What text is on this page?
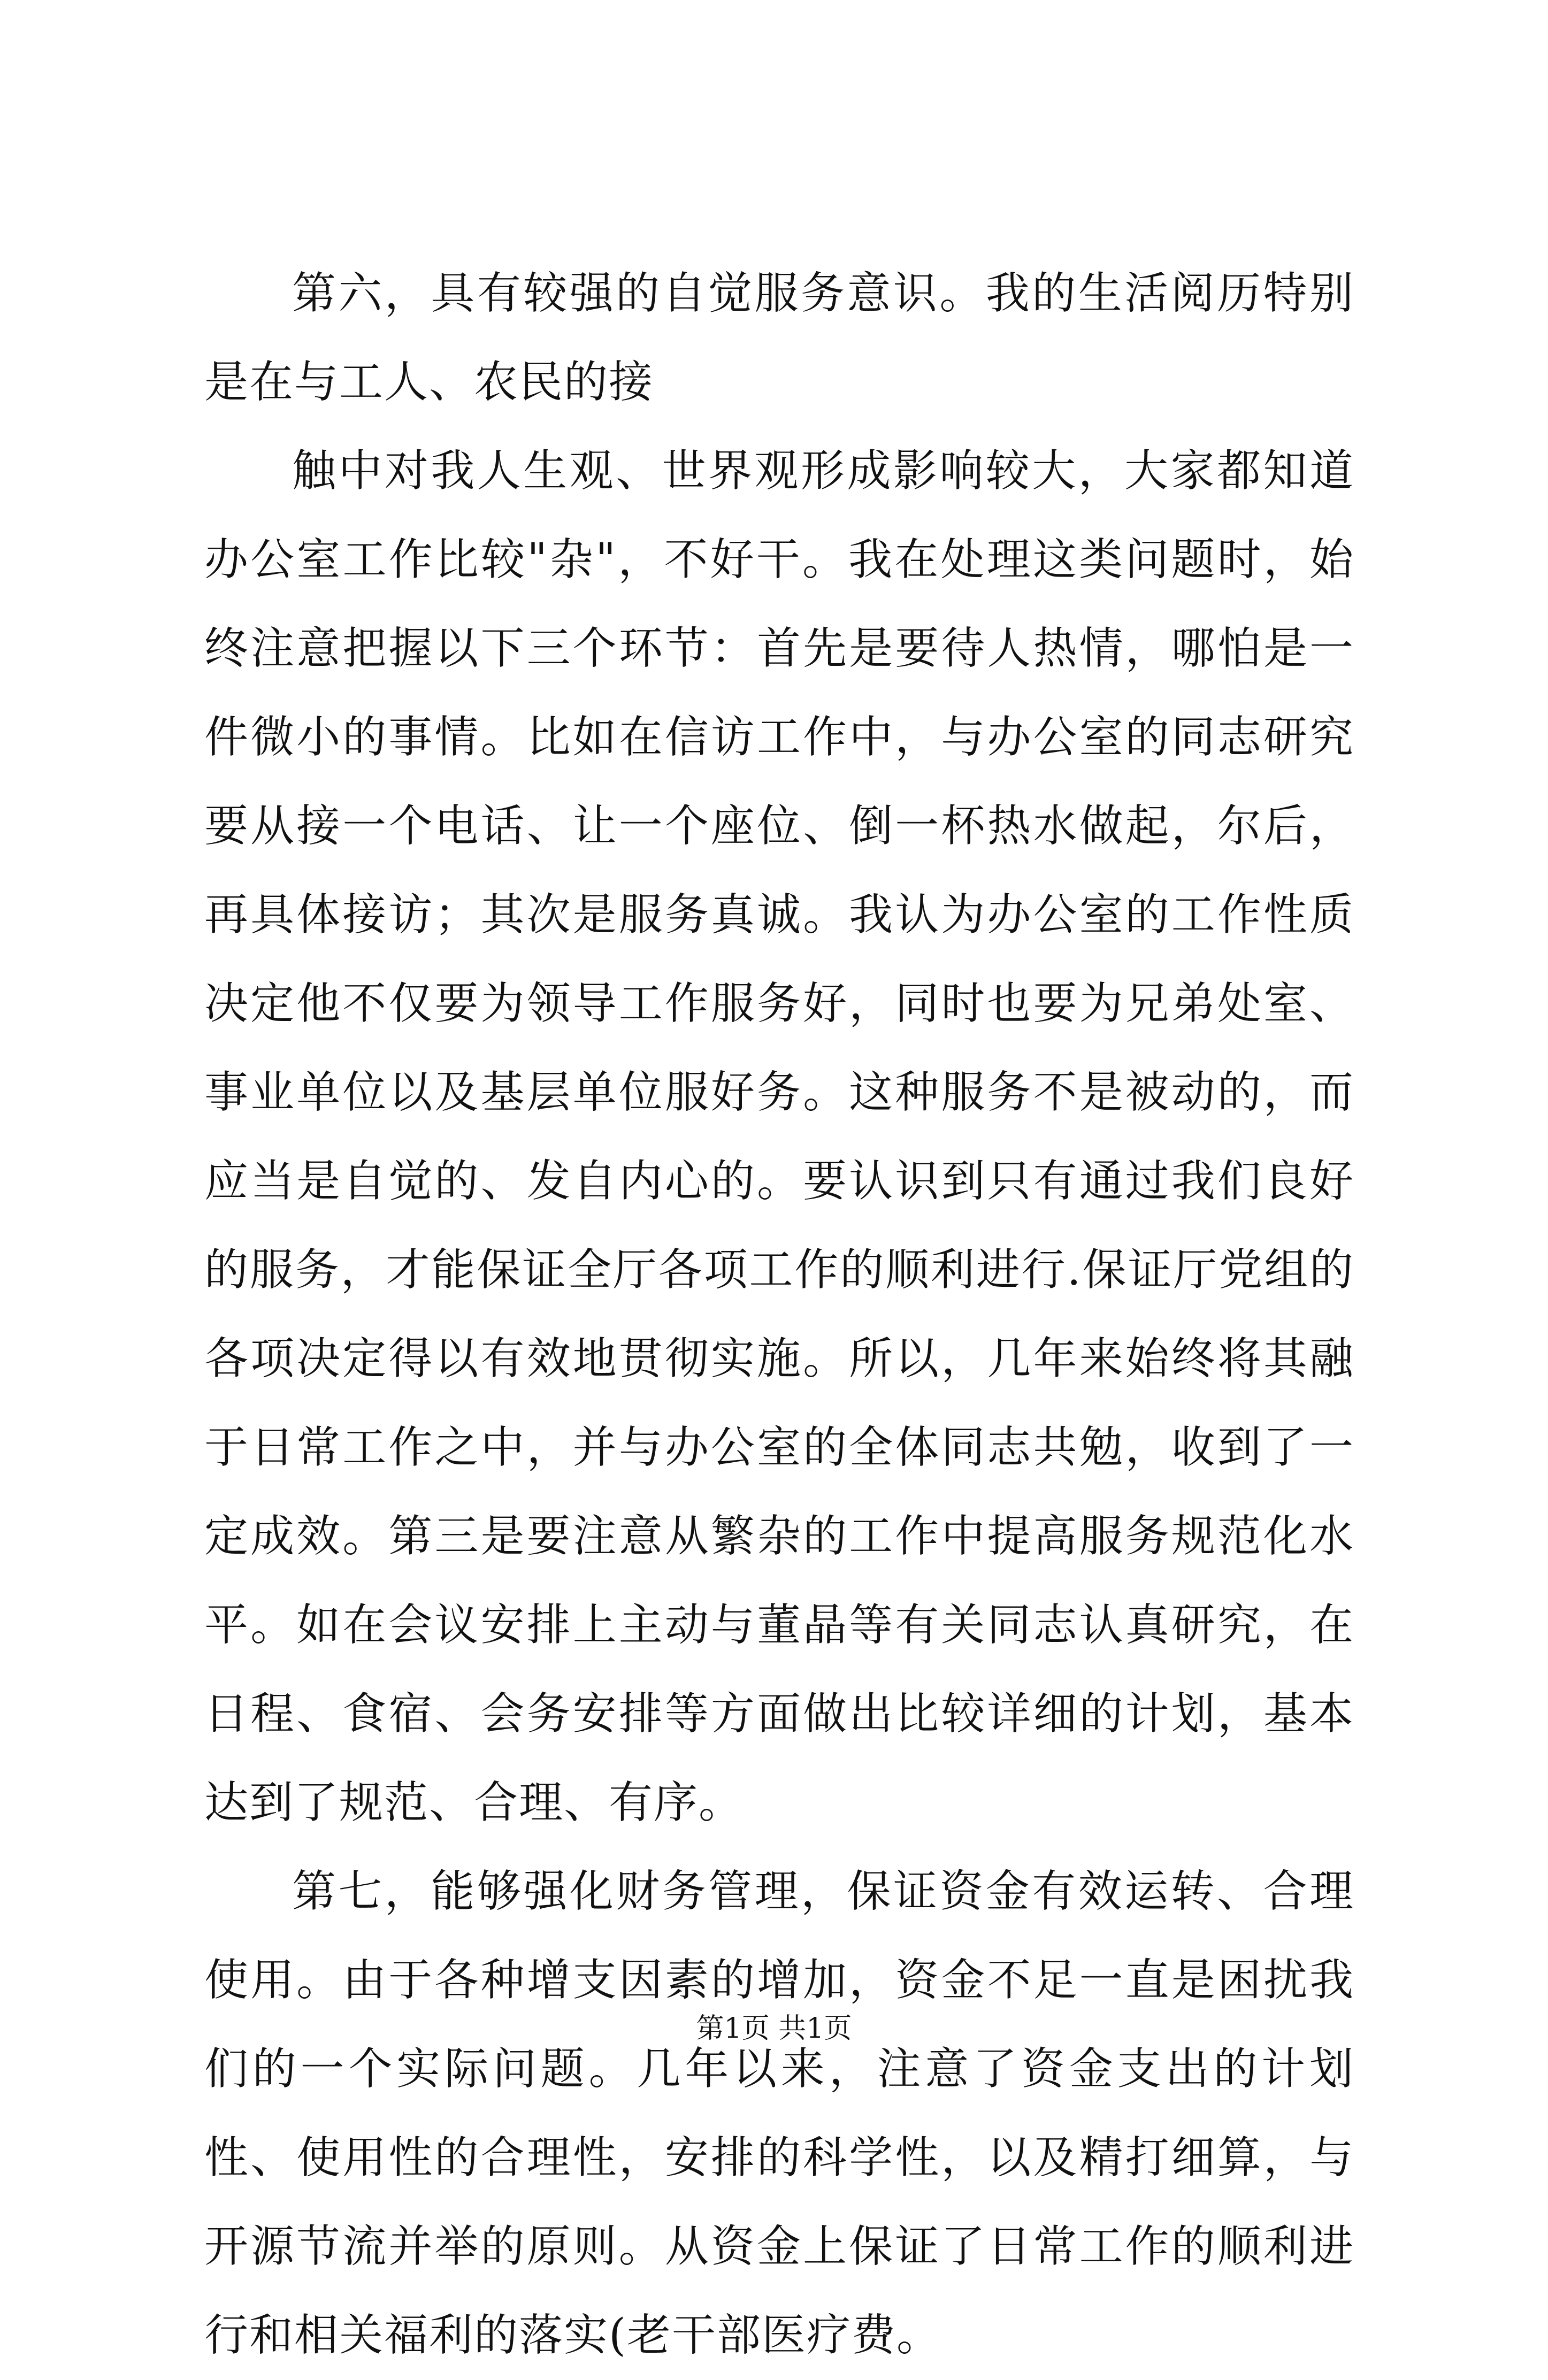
第六，具有较强的自觉服务意识。我的生活阅历特别是在与工人、农民的接

触中对我人生观、世界观形成影响较大，大家都知道办公室工作比较"杂"，不好干。我在处理这类问题时，始终注意把握以下三个环节：首先是要待人热情，哪怕是一件微小的事情。比如在信访工作中，与办公室的同志研究要从接一个电话、让一个座位、倒一杯热水做起，尔后，再具体接访；其次是服务真诚。我认为办公室的工作性质决定他不仅要为领导工作服务好，同时也要为兄弟处室、事业单位以及基层单位服好务。这种服务不是被动的，而应当是自觉的、发自内心的。要认识到只有通过我们良好的服务，才能保证全厅各项工作的顺利进行.保证厅党组的各项决定得以有效地贯彻实施。所以，几年来始终将其融于日常工作之中，并与办公室的全体同志共勉，收到了一定成效。第三是要注意从繁杂的工作中提高服务规范化水平。如在会议安排上主动与董晶等有关同志认真研究，在日程、食宿、会务安排等方面做出比较详细的计划，基本达到了规范、合理、有序。

第七，能够强化财务管理，保证资金有效运转、合理使用。由于各种增支因素的增加，资金不足一直是困扰我们的一个实际问题。几年以来，注意了资金支出的计划性、使用性的合理性，安排的科学性，以及精打细算，与开源节流并举的原则。从资金上保证了日常工作的顺利进行和相关福利的落实(老干部医疗费。

第1页 共1页
